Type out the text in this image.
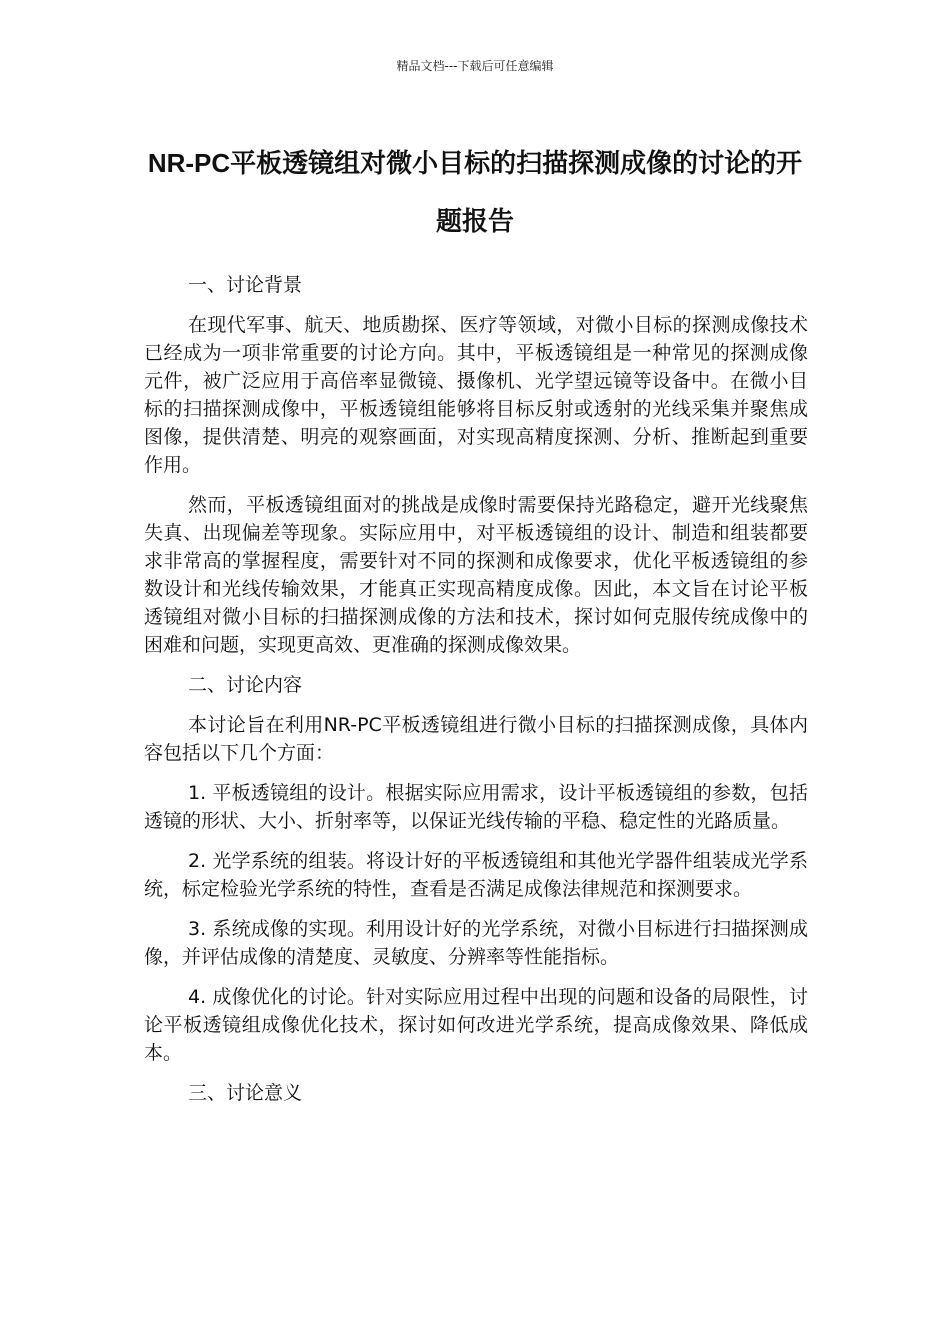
精品文档---下载后可任意编辑
NR-PC平板透镜组对微小目标的扫描探测成像的讨论的开题报告

一、讨论背景

在现代军事、航天、地质勘探、医疗等领域，对微小目标的探测成像技术已经成为一项非常重要的讨论方向。其中，平板透镜组是一种常见的探测成像元件，被广泛应用于高倍率显微镜、摄像机、光学望远镜等设备中。在微小目标的扫描探测成像中，平板透镜组能够将目标反射或透射的光线采集并聚焦成图像，提供清楚、明亮的观察画面，对实现高精度探测、分析、推断起到重要作用。

然而，平板透镜组面对的挑战是成像时需要保持光路稳定，避开光线聚焦失真、出现偏差等现象。实际应用中，对平板透镜组的设计、制造和组装都要求非常高的掌握程度，需要针对不同的探测和成像要求，优化平板透镜组的参数设计和光线传输效果，才能真正实现高精度成像。因此，本文旨在讨论平板透镜组对微小目标的扫描探测成像的方法和技术，探讨如何克服传统成像中的困难和问题，实现更高效、更准确的探测成像效果。

二、讨论内容

本讨论旨在利用NR-PC平板透镜组进行微小目标的扫描探测成像，具体内容包括以下几个方面：

1. 平板透镜组的设计。根据实际应用需求，设计平板透镜组的参数，包括透镜的形状、大小、折射率等，以保证光线传输的平稳、稳定性的光路质量。

2. 光学系统的组装。将设计好的平板透镜组和其他光学器件组装成光学系统，标定检验光学系统的特性，查看是否满足成像法律规范和探测要求。

3. 系统成像的实现。利用设计好的光学系统，对微小目标进行扫描探测成像，并评估成像的清楚度、灵敏度、分辨率等性能指标。

4. 成像优化的讨论。针对实际应用过程中出现的问题和设备的局限性，讨论平板透镜组成像优化技术，探讨如何改进光学系统，提高成像效果、降低成本。

三、讨论意义
